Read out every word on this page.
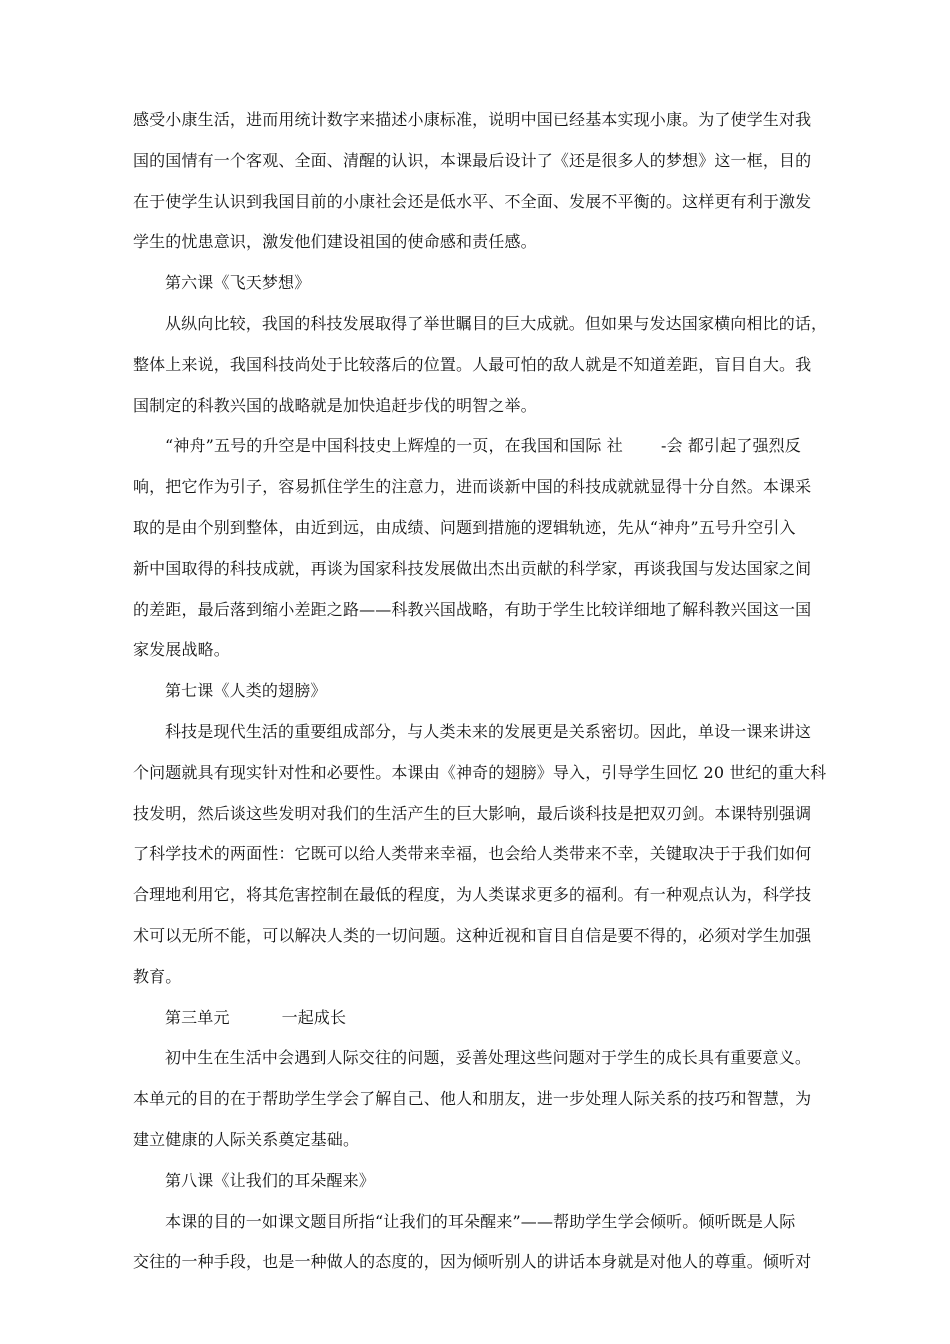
感受小康生活，进而用统计数字来描述小康标准，说明中国已经基本实现小康。为了使学生对我
国的国情有一个客观、全面、清醒的认识，本课最后设计了《还是很多人的梦想》这一框，目的
在于使学生认识到我国目前的小康社会还是低水平、不全面、发展不平衡的。这样更有利于激发
学生的忧患意识，激发他们建设祖国的使命感和责任感。
第六课《飞天梦想》
从纵向比较，我国的科技发展取得了举世瞩目的巨大成就。但如果与发达国家横向相比的话，
整体上来说，我国科技尚处于比较落后的位置。人最可怕的敌人就是不知道差距，盲目自大。我
国制定的科教兴国的战略就是加快追赶步伐的明智之举。
“神舟”五号的升空是中国科技史上辉煌的一页，在我国和国际 社 -会 都引起了强烈反
响，把它作为引子，容易抓住学生的注意力，进而谈新中国的科技成就就显得十分自然。本课采
取的是由个别到整体，由近到远，由成绩、问题到措施的逻辑轨迹，先从“神舟”五号升空引入
新中国取得的科技成就，再谈为国家科技发展做出杰出贡献的科学家，再谈我国与发达国家之间
的差距，最后落到缩小差距之路——科教兴国战略，有助于学生比较详细地了解科教兴国这一国
家发展战略。
第七课《人类的翅膀》
科技是现代生活的重要组成部分，与人类未来的发展更是关系密切。因此，单设一课来讲这
个问题就具有现实针对性和必要性。本课由《神奇的翅膀》导入，引导学生回忆 20 世纪的重大科
技发明，然后谈这些发明对我们的生活产生的巨大影响，最后谈科技是把双刃剑。本课特别强调
了科学技术的两面性：它既可以给人类带来幸福，也会给人类带来不幸，关键取决于于我们如何
合理地利用它，将其危害控制在最低的程度，为人类谋求更多的福利。有一种观点认为，科学技
术可以无所不能，可以解决人类的一切问题。这种近视和盲目自信是要不得的，必须对学生加强
教育。
第三单元	一起成长
初中生在生活中会遇到人际交往的问题，妥善处理这些问题对于学生的成长具有重要意义。
本单元的目的在于帮助学生学会了解自己、他人和朋友，进一步处理人际关系的技巧和智慧，为
建立健康的人际关系奠定基础。
第八课《让我们的耳朵醒来》
本课的目的一如课文题目所指“让我们的耳朵醒来”——帮助学生学会倾听。倾听既是人际
交往的一种手段，也是一种做人的态度的，因为倾听别人的讲话本身就是对他人的尊重。倾听对
